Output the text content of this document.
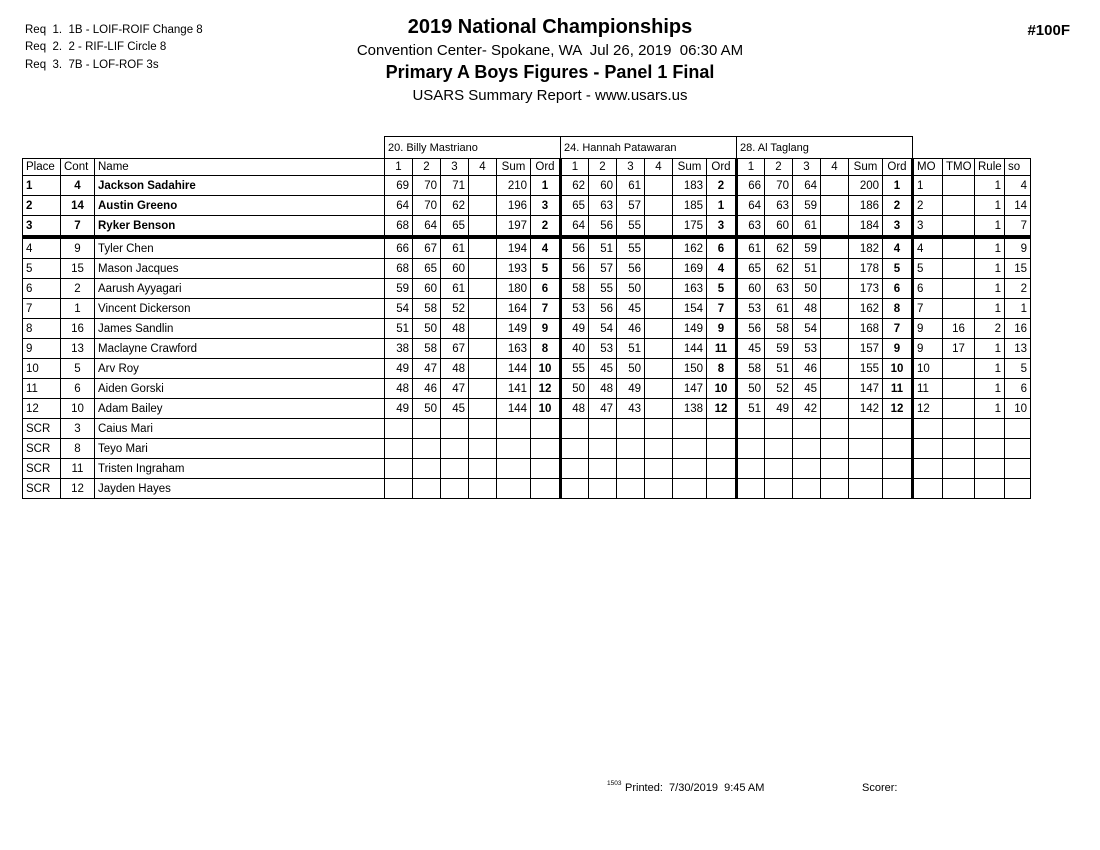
Req  1.  1B - LOIF-ROIF Change 8
Req  2.  2 - RIF-LIF Circle 8
Req  3.  7B - LOF-ROF 3s
2019 National Championships
Convention Center- Spokane, WA  Jul 26, 2019  06:30 AM
Primary A Boys Figures - Panel 1 Final
USARS Summary Report - www.usars.us
#100F
			20. Billy Mastriano						24. Hannah Patawaran						28. Al Taglang									
Place	Cont	Name	1	2	3	4	Sum	Ord	1	2	3	4	Sum	Ord	1	2	3	4	Sum	Ord	MO	TMO	Rule	so
1	4	Jackson Sadahire	69	70	71		210	1	62	60	61		183	2	66	70	64		200	1	1		1	4
2	14	Austin Greeno	64	70	62		196	3	65	63	57		185	1	64	63	59		186	2	2		1	14
3	7	Ryker Benson	68	64	65		197	2	64	56	55		175	3	63	60	61		184	3	3		1	7
4	9	Tyler Chen	66	67	61		194	4	56	51	55		162	6	61	62	59		182	4	4		1	9
5	15	Mason Jacques	68	65	60		193	5	56	57	56		169	4	65	62	51		178	5	5		1	15
6	2	Aarush Ayyagari	59	60	61		180	6	58	55	50		163	5	60	63	50		173	6	6		1	2
7	1	Vincent Dickerson	54	58	52		164	7	53	56	45		154	7	53	61	48		162	8	7		1	1
8	16	James Sandlin	51	50	48		149	9	49	54	46		149	9	56	58	54		168	7	9	16	2	16
9	13	Maclayne Crawford	38	58	67		163	8	40	53	51		144	11	45	59	53		157	9	9	17	1	13
10	5	Arv Roy	49	47	48		144	10	55	45	50		150	8	58	51	46		155	10	10		1	5
11	6	Aiden Gorski	48	46	47		141	12	50	48	49		147	10	50	52	45		147	11	11		1	6
12	10	Adam Bailey	49	50	45		144	10	48	47	43		138	12	51	49	42		142	12	12		1	10
SCR	3	Caius Mari																						
SCR	8	Teyo Mari																						
SCR	11	Tristen Ingraham																						
SCR	12	Jayden Hayes																						
1503 Printed:  7/30/2019  9:45 AM	Scorer:
